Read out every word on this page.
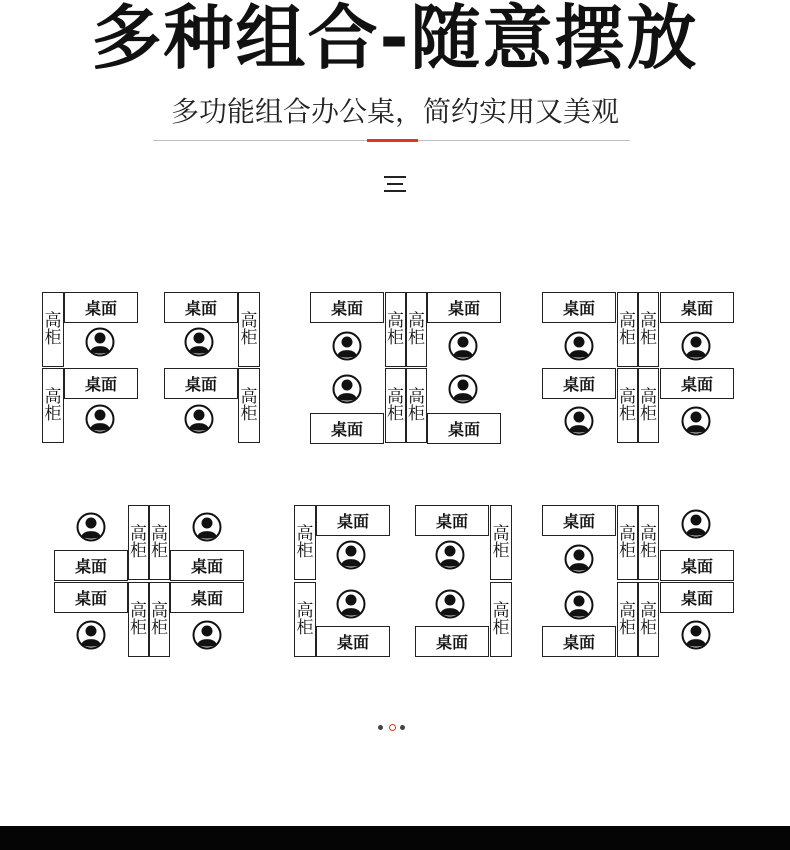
多种组合-随意摆放
多功能组合办公桌，简约实用又美观
桌面	桌面
桌面	桌面
桌面	桌面
桌面	桌面
桌面	桌面
桌面	桌面
桌面	桌面
桌面	桌面
桌面	桌面
桌面	桌面
桌面
桌面
桌面
桌面
高
柜
高
柜
高
柜
高
柜
高
柜
高
柜
高
柜
高
柜
高
柜
高
柜
高
柜
高
柜
高
柜
高
柜
高
柜
高
柜
高
柜
高
柜
高
柜
高
柜
高
柜
高
柜
高
柜
高
柜
